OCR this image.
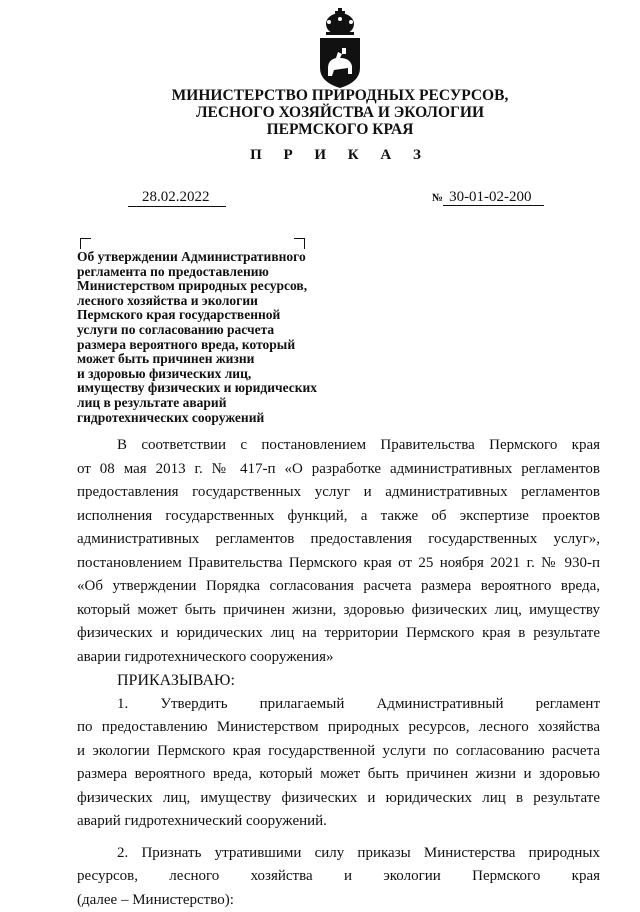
МИНИСТЕРСТВО ПРИРОДНЫХ РЕСУРСОВ,
ЛЕСНОГО ХОЗЯЙСТВА И ЭКОЛОГИИ
ПЕРМСКОГО КРАЯ
П Р И К А З
28.02.2022	№ 30-01-02-200
Об утверждении Административного
регламента по предоставлению
Министерством природных ресурсов,
лесного хозяйства и экологии
Пермского края государственной
услуги по согласованию расчета
размера вероятного вреда, который
может быть причинен жизни
и здоровью физических лиц,
имуществу физических и юридических
лиц в результате аварий
гидротехнических сооружений

В соответствии с постановлением Правительства Пермского края

от 08 мая 2013 г. № 417-п «О разработке административных регламентов

предоставления государственных услуг и административных регламентов

исполнения государственных функций, а также об экспертизе проектов

административных регламентов предоставления государственных услуг»,

постановлением Правительства Пермского края от 25 ноября 2021 г. № 930-п

«Об утверждении Порядка согласования расчета размера вероятного вреда,

который может быть причинен жизни, здоровью физических лиц, имуществу

физических и юридических лиц на территории Пермского края в результате

аварии гидротехнического сооружения»

ПРИКАЗЫВАЮ:

1. Утвердить прилагаемый Административный регламент

по предоставлению Министерством природных ресурсов, лесного хозяйства

и экологии Пермского края государственной услуги по согласованию расчета

размера вероятного вреда, который может быть причинен жизни и здоровью

физических лиц, имуществу физических и юридических лиц в результате

аварий гидротехнический сооружений.

2. Признать утратившими силу приказы Министерства природных

ресурсов, лесного хозяйства и экологии Пермского края

(далее – Министерство):
